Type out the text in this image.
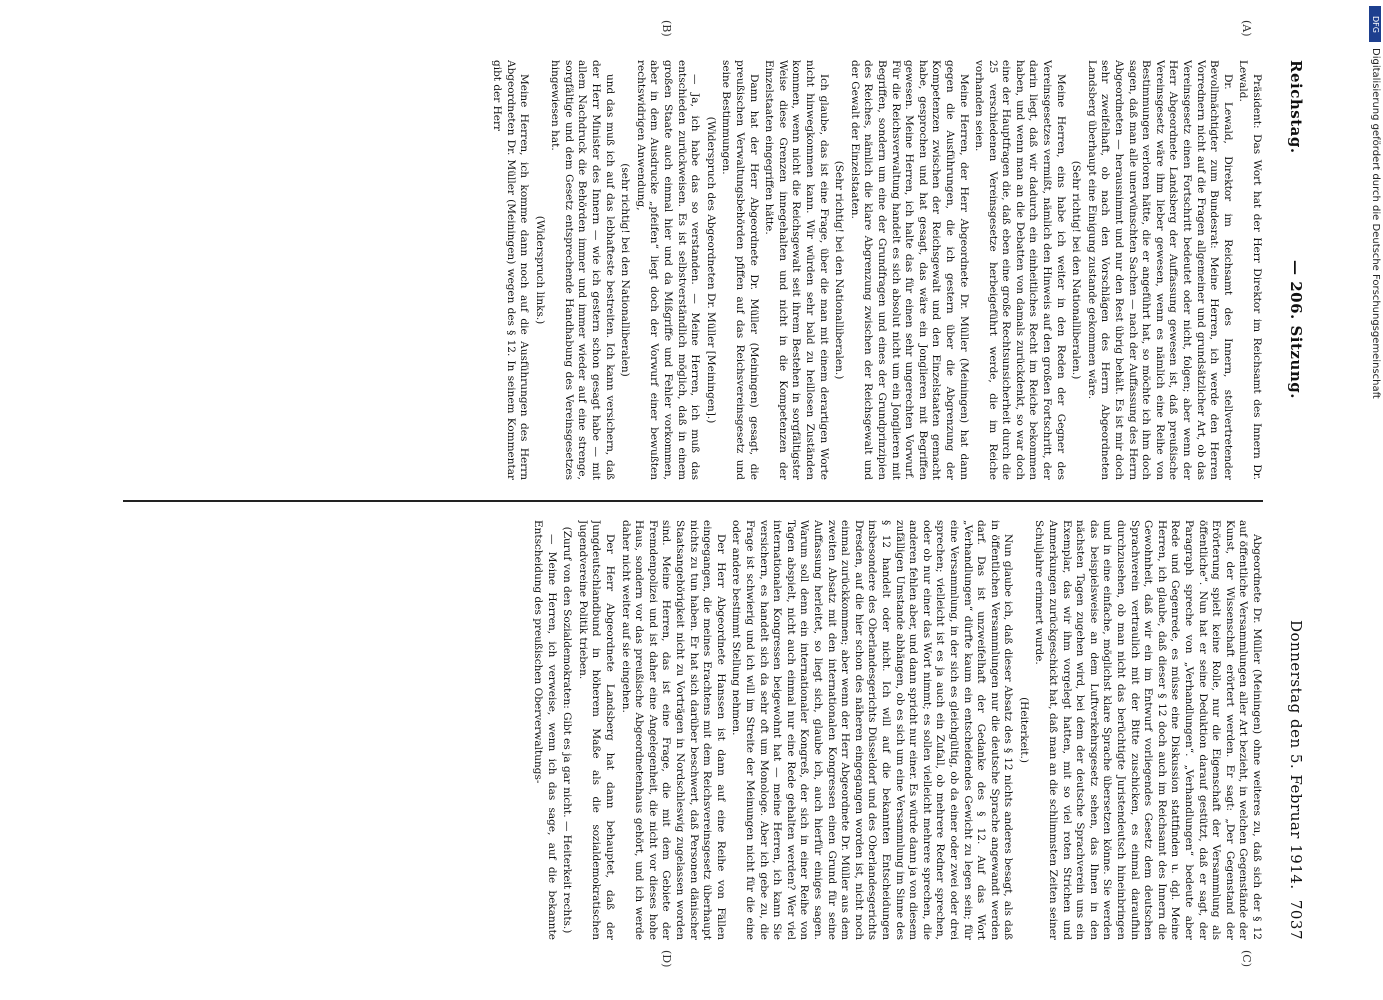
Reichstag.
— 206. Sitzung.
Donnerstag den 5. Februar 1914.
7037

Präsident: Das Wort hat der Herr Direktor im Reichsamt des Innern Dr. Lewald.

Dr. Lewald, Direktor im Reichsamt des Innern, stellvertretender Bevollmächtigter zum Bundesrat: Meine Herren, ich werde den Herren Vorrednern nicht auf die Fragen allgemeiner und grundsätzlicher Art, ob das Vereinsgesetz einen Fortschritt bedeutet oder nicht, folgen; aber wenn der Herr Abgeordnete Landsberg der Auffassung gewesen ist, daß preußische Vereinsgesetz wäre ihm lieber gewesen, wenn es nämlich eine Reihe von Bestimmungen verloren hätte, die er angeführt hat, so möchte ich ihm doch sagen, daß man alle unerwünschten Sachen — nach der Auffassung des Herrn Abgeordneten — herausnimmt und nur den Rest übrig behält. Es ist mir doch sehr zweifelhaft, ob nach den Vorschlägen des Herrn Abgeordneten Landsberg überhaupt eine Einigung zustande gekommen wäre.

(Sehr richtig! bei den Nationalliberalen.)

Meine Herren, eins habe ich weiter in den Reden der Gegner des Vereinsgesetzes vermißt, nämlich den Hinweis auf den großen Fortschritt, der darin liegt, daß wir dadurch ein einheitliches Recht im Reiche bekommen haben, und wenn man an die Debatten von damals zurückdenkt, so war doch eine der Hauptfragen die, daß eben eine große Rechtsunsicherheit durch die 25 verschiedenen Vereinsgesetze herbeigeführt werde, die im Reiche vorhanden seien.

Meine Herren, der Herr Abgeordnete Dr. Müller (Meiningen) hat dann gegen die Ausführungen, die ich gestern über die Abgrenzung der Kompetenzen zwischen der Reichsgewalt und den Einzelstaaten gemacht habe, gesprochen und hat gesagt, das wäre ein Jonglieren mit Begriffen gewesen. Meine Herren, ich halte das für einen sehr ungerechten Vorwurf. Für die Reichsverwaltung handelt es sich absolut nicht um ein Jonglieren mit Begriffen, sondern um eine der Grundfragen und eines der Grundprinzipien des Reiches, nämlich die klare Abgrenzung zwischen der Reichsgewalt und der Gewalt der Einzelstaaten.

(Sehr richtig! bei den Nationalliberalen.)

Ich glaube, das ist eine Frage, über die man mit einem derartigen Worte nicht hinwegkommen kann. Wir würden sehr bald zu heillosen Zuständen kommen, wenn nicht die Reichsgewalt seit ihrem Bestehen in sorgfältigster Weise diese Grenzen innegehalten und nicht in die Kompetenzen der Einzelstaaten eingegriffen hätte.

Dann hat der Herr Abgeordnete Dr. Müller (Meiningen) gesagt, die preußischen Verwaltungsbehörden pfiffen auf das Reichsvereinsgesetz und seine Bestimmungen.

(Widerspruch des Abgeordneten Dr. Müller [Meiningen].)

— Ja, ich habe das so verstanden. — Meine Herren, ich muß das entschieden zurückweisen. Es ist selbstverständlich möglich, daß in einem großen Staate auch einmal hier und da Mißgriffe und Fehler vorkommen, aber in dem Ausdrucke „pfeifen“ liegt doch der Vorwurf einer bewußten rechtswidrigen Anwendung,

(sehr richtig! bei den Nationalliberalen)

und das muß ich auf das lebhafteste bestreiten. Ich kann versichern, daß der Herr Minister des Innern — wie ich gestern schon gesagt habe — mit allem Nachdruck die Behörden immer und immer wieder auf eine strenge, sorgfältige und dem Gesetz entsprechende Handhabung des Vereinsgesetzes hingewiesen hat.

(Widerspruch links.)

Meine Herren, ich komme dann noch auf die Ausführungen des Herrn Abgeordneten Dr. Müller (Meiningen) wegen des § 12. In seinem Kommentar gibt der Herr

Abgeordnete Dr. Müller (Meiningen) ohne weiteres zu, daß sich der § 12 auf öffentliche Versammlungen aller Art bezieht, in welchen Gegenstände der Kunst, der Wissenschaft erörtert werden. Er sagt: „Der Gegenstand der Erörterung spielt keine Rolle, nur die Eigenschaft der Versammlung als öffentliche“. Nun hat er seine Deduktion darauf gestützt, daß er sagt, der Paragraph spreche von „Verhandlungen“. „Verhandlungen“ bedeute aber Rede und Gegenrede, es müsse eine Diskussion stattfinden u. dgl. Meine Herren, ich glaube, daß dieser § 12 doch auch im Reichsamt des Innern die Gewohnheit, daß wir ein im Entwurf vorliegendes Gesetz dem deutschen Sprachverein vertraulich mit der Bitte zuschicken, es einmal daraufhin durchzusehen, ob man nicht das berüchtigte Juristendeutsch hineinbringen und in eine einfache, möglichst klare Sprache übersetzen könne. Sie werden das beispielsweise an dem Luftverkehrsgesetz sehen, das Ihnen in den nächsten Tagen zugehen wird, bei dem der deutsche Sprachverein uns ein Exemplar, das wir ihm vorgelegt hatten, mit so viel roten Strichen und Anmerkungen zurückgeschickt hat, daß man an die schlimmsten Zeiten seiner Schuljahre erinnert wurde.

(Heiterkeit.)

Nun glaube ich, daß dieser Absatz des § 12 nichts anderes besagt, als daß in öffentlichen Versammlungen nur die deutsche Sprache angewandt werden darf. Das ist unzweifelhaft der Gedanke des § 12. Auf das Wort „Verhandlungen“ dürfte kaum ein entscheidendes Gewicht zu legen sein; für eine Versammlung, in der sich es gleichgültig, ob da einer oder zwei oder drei sprechen; vielleicht ist es ja auch ein Zufall, ob mehrere Redner sprechen, oder ob nur einer das Wort nimmt; es sollen vielleicht mehrere sprechen, die anderen fehlen aber, und dann spricht nur einer. Es würde dann ja von diesem zufälligen Umstande abhängen, ob es sich um eine Versammlung im Sinne des § 12 handelt oder nicht. Ich will auf die bekannten Entscheidungen insbesondere des Oberlandesgerichts Düsseldorf und des Oberlandesgerichts Dresden, auf die hier schon des näheren eingegangen worden ist, nicht noch einmal zurückkommen; aber wenn der Herr Abgeordnete Dr. Müller aus dem zweiten Absatz mit den internationalen Kongressen einen Grund für seine Auffassung herleitet, so liegt sich, glaube ich, auch hierfür einiges sagen. Warum soll denn ein internationaler Kongreß, der sich in einer Reihe von Tagen abspielt, nicht auch einmal nur eine Rede gehalten werden? Wer viel internationalen Kongressen beigewohnt hat — meine Herren, ich kann Sie versichern, es handelt sich da sehr oft um Monologe. Aber ich gebe zu, die Frage ist schwierig und ich will im Streite der Meinungen nicht für die eine oder andere bestimmt Stellung nehmen.

Der Herr Abgeordnete Hanssen ist dann auf eine Reihe von Fällen eingegangen, die meines Erachtens mit dem Reichsvereinsgesetz überhaupt nichts zu tun haben. Er hat sich darüber beschwert, daß Personen dänischer Staatsangehörigkeit nicht zu Vorträgen in Nordschleswig zugelassen worden sind. Meine Herren, das ist eine Frage, die mit dem Gebiete der Fremdenpolizei und ist daher eine Angelegenheit, die nicht vor dieses hohe Haus, sondern vor das preußische Abgeordnetenhaus gehört, und ich werde daher nicht weiter auf sie eingehen.

Der Herr Abgeordnete Landsberg hat dann behauptet, daß der Jungdeutschlandbund in höherem Maße als die sozialdemokratischen Jugendvereine Politik trieben.

(Zuruf von den Sozialdemokraten: Gibt es ja gar nicht. — Heiterkeit rechts.)

— Meine Herren, ich verweise, wenn ich das sage, auf die bekannte Entscheidung des preußischen Oberverwaltungs-

(A)
(B)
(C)
(D)
DFG
Digitalisierung gefördert durch die Deutsche Forschungsgemeinschaft
